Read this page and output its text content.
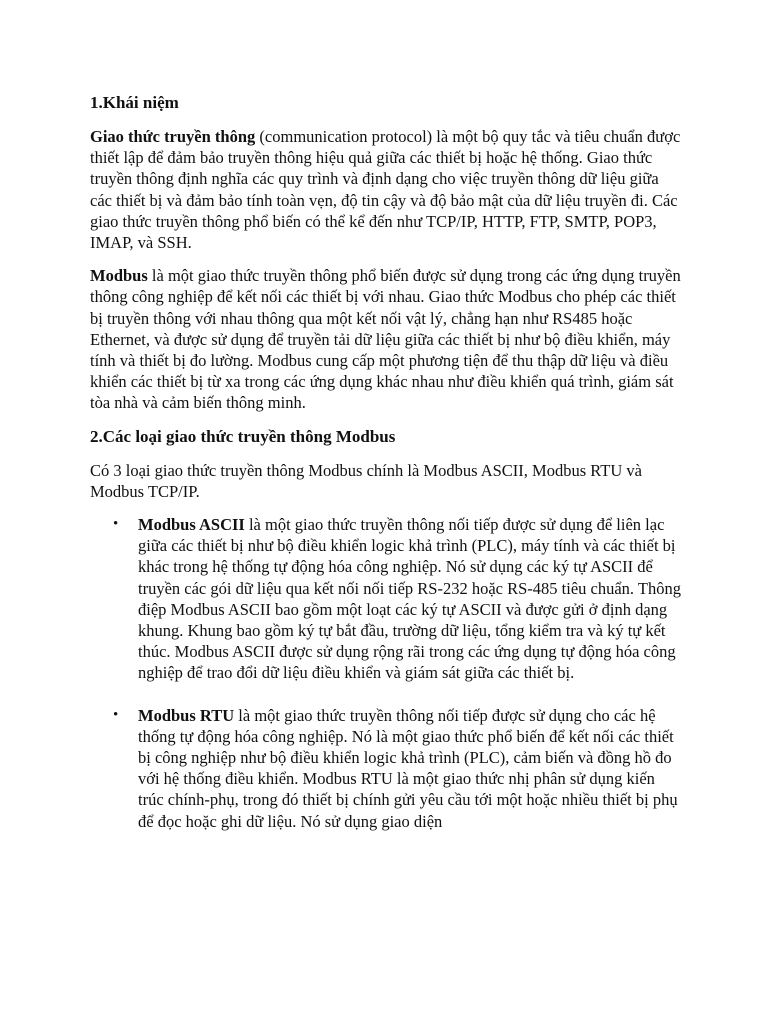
1.Khái niệm

Giao thức truyền thông (communication protocol) là một bộ quy tắc và tiêu chuẩn được thiết lập để đảm bảo truyền thông hiệu quả giữa các thiết bị hoặc hệ thống. Giao thức truyền thông định nghĩa các quy trình và định dạng cho việc truyền thông dữ liệu giữa các thiết bị và đảm bảo tính toàn vẹn, độ tin cậy và độ bảo mật của dữ liệu truyền đi. Các giao thức truyền thông phổ biến có thể kể đến như TCP/IP, HTTP, FTP, SMTP, POP3, IMAP, và SSH.

Modbus là một giao thức truyền thông phổ biến được sử dụng trong các ứng dụng truyền thông công nghiệp để kết nối các thiết bị với nhau. Giao thức Modbus cho phép các thiết bị truyền thông với nhau thông qua một kết nối vật lý, chẳng hạn như RS485 hoặc Ethernet, và được sử dụng để truyền tải dữ liệu giữa các thiết bị như bộ điều khiển, máy tính và thiết bị đo lường. Modbus cung cấp một phương tiện để thu thập dữ liệu và điều khiển các thiết bị từ xa trong các ứng dụng khác nhau như điều khiển quá trình, giám sát tòa nhà và cảm biến thông minh.

2.Các loại giao thức truyền thông Modbus

Có 3 loại giao thức truyền thông Modbus chính là Modbus ASCII, Modbus RTU và Modbus TCP/IP.

• Modbus ASCII là một giao thức truyền thông nối tiếp được sử dụng để liên lạc giữa các thiết bị như bộ điều khiển logic khả trình (PLC), máy tính và các thiết bị khác trong hệ thống tự động hóa công nghiệp. Nó sử dụng các ký tự ASCII để truyền các gói dữ liệu qua kết nối nối tiếp RS-232 hoặc RS-485 tiêu chuẩn. Thông điệp Modbus ASCII bao gồm một loạt các ký tự ASCII và được gửi ở định dạng khung. Khung bao gồm ký tự bắt đầu, trường dữ liệu, tổng kiểm tra và ký tự kết thúc. Modbus ASCII được sử dụng rộng rãi trong các ứng dụng tự động hóa công nghiệp để trao đổi dữ liệu điều khiển và giám sát giữa các thiết bị.
• Modbus RTU là một giao thức truyền thông nối tiếp được sử dụng cho các hệ thống tự động hóa công nghiệp. Nó là một giao thức phổ biến để kết nối các thiết bị công nghiệp như bộ điều khiển logic khả trình (PLC), cảm biến và đồng hồ đo với hệ thống điều khiển. Modbus RTU là một giao thức nhị phân sử dụng kiến trúc chính-phụ, trong đó thiết bị chính gửi yêu cầu tới một hoặc nhiều thiết bị phụ để đọc hoặc ghi dữ liệu. Nó sử dụng giao diện
